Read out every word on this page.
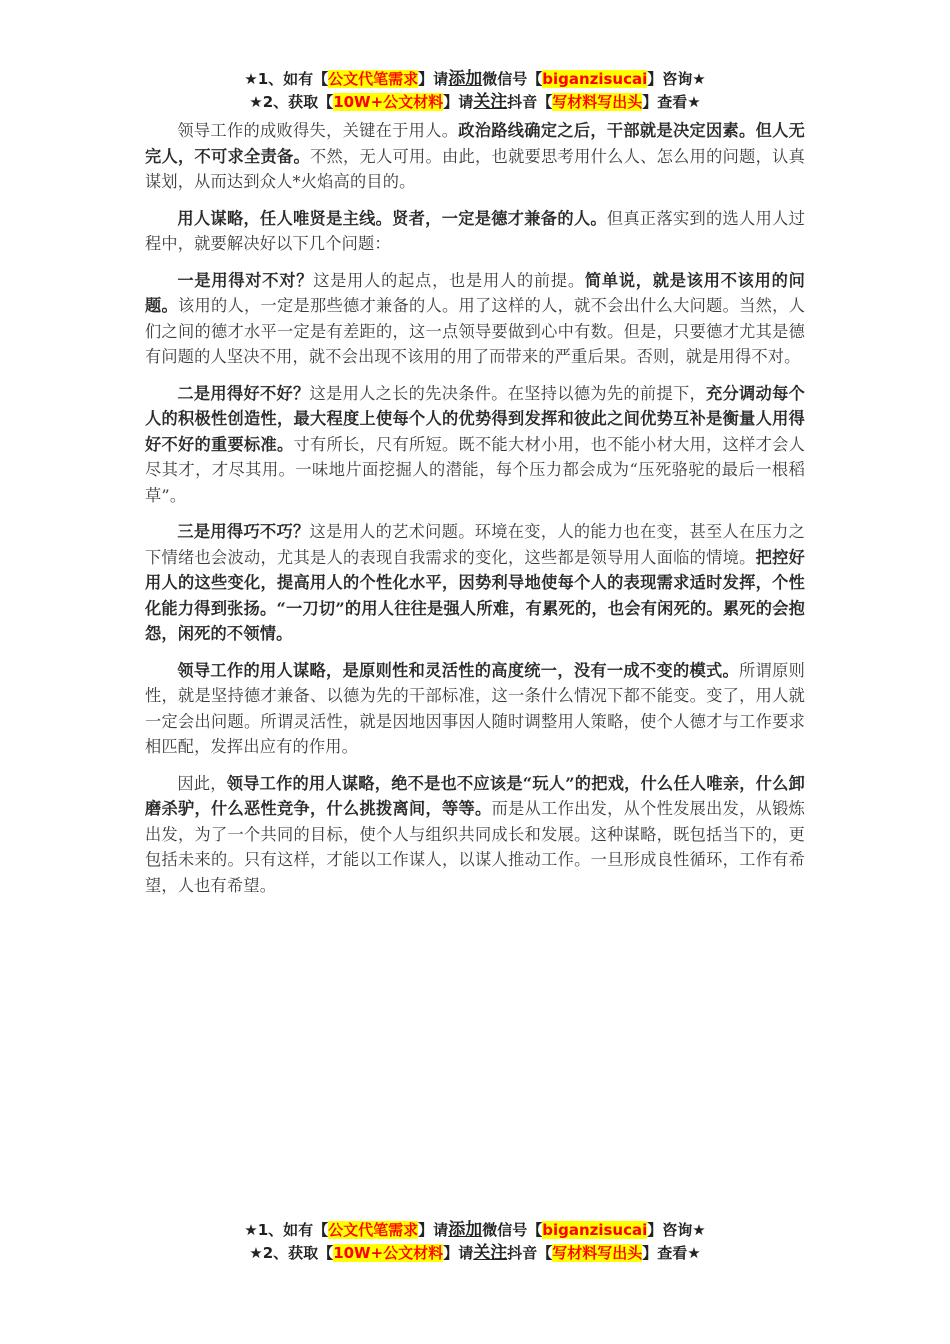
★1、如有【公文代笔需求】请添加微信号【biganzisucai】咨询★
★2、获取【10W+公文材料】请关注抖音【写材料写出头】查看★

领导工作的成败得失，关键在于用人。政治路线确定之后，干部就是决定因素。但人无完人，不可求全责备。不然，无人可用。由此，也就要思考用什么人、怎么用的问题，认真谋划，从而达到众人*火焰高的目的。

用人谋略，任人唯贤是主线。贤者，一定是德才兼备的人。但真正落实到的选人用人过程中，就要解决好以下几个问题：

一是用得对不对？这是用人的起点，也是用人的前提。简单说，就是该用不该用的问题。该用的人，一定是那些德才兼备的人。用了这样的人，就不会出什么大问题。当然，人们之间的德才水平一定是有差距的，这一点领导要做到心中有数。但是，只要德才尤其是德有问题的人坚决不用，就不会出现不该用的用了而带来的严重后果。否则，就是用得不对。

二是用得好不好？这是用人之长的先决条件。在坚持以德为先的前提下，充分调动每个人的积极性创造性，最大程度上使每个人的优势得到发挥和彼此之间优势互补是衡量人用得好不好的重要标准。寸有所长，尺有所短。既不能大材小用，也不能小材大用，这样才会人尽其才，才尽其用。一味地片面挖掘人的潜能，每个压力都会成为“压死骆驼的最后一根稻草”。

三是用得巧不巧？这是用人的艺术问题。环境在变，人的能力也在变，甚至人在压力之下情绪也会波动，尤其是人的表现自我需求的变化，这些都是领导用人面临的情境。把控好用人的这些变化，提高用人的个性化水平，因势利导地使每个人的表现需求适时发挥，个性化能力得到张扬。“一刀切”的用人往往是强人所难，有累死的，也会有闲死的。累死的会抱怨，闲死的不领情。

领导工作的用人谋略，是原则性和灵活性的高度统一，没有一成不变的模式。所谓原则性，就是坚持德才兼备、以德为先的干部标准，这一条什么情况下都不能变。变了，用人就一定会出问题。所谓灵活性，就是因地因事因人随时调整用人策略，使个人德才与工作要求相匹配，发挥出应有的作用。

因此，领导工作的用人谋略，绝不是也不应该是“玩人”的把戏，什么任人唯亲，什么卸磨杀驴，什么恶性竞争，什么挑拨离间，等等。而是从工作出发，从个性发展出发，从锻炼出发，为了一个共同的目标，使个人与组织共同成长和发展。这种谋略，既包括当下的，更包括未来的。只有这样，才能以工作谋人，以谋人推动工作。一旦形成良性循环，工作有希望，人也有希望。

★1、如有【公文代笔需求】请添加微信号【biganzisucai】咨询★
★2、获取【10W+公文材料】请关注抖音【写材料写出头】查看★
